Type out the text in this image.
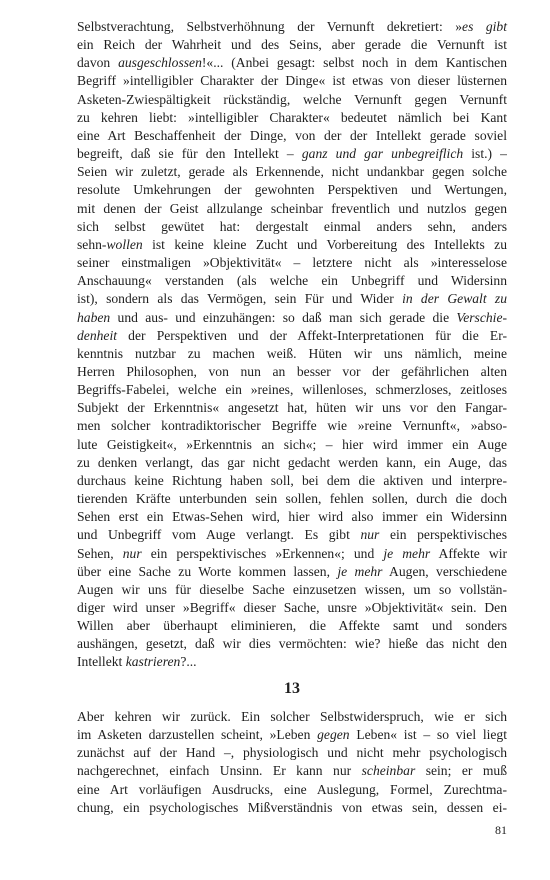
Selbstverachtung, Selbstverhöhnung der Vernunft dekretiert: »es gibt
ein Reich der Wahrheit und des Seins, aber gerade die Vernunft ist
davon ausgeschlossen!«... (Anbei gesagt: selbst noch in dem Kantischen
Begriff »intelligibler Charakter der Dinge« ist etwas von dieser lüsternen
Asketen-Zwiespältigkeit rückständig, welche Vernunft gegen Vernunft
zu kehren liebt: »intelligibler Charakter« bedeutet nämlich bei Kant
eine Art Beschaffenheit der Dinge, von der der Intellekt gerade soviel
begreift, daß sie für den Intellekt – ganz und gar unbegreiflich ist.) –
Seien wir zuletzt, gerade als Erkennende, nicht undankbar gegen solche
resolute Umkehrungen der gewohnten Perspektiven und Wertungen,
mit denen der Geist allzulange scheinbar freventlich und nutzlos gegen
sich selbst gewütet hat: dergestalt einmal anders sehn, anders
sehn-wollen ist keine kleine Zucht und Vorbereitung des Intellekts zu
seiner einstmaligen »Objektivität« – letztere nicht als »interesselose
Anschauung« verstanden (als welche ein Unbegriff und Widersinn
ist), sondern als das Vermögen, sein Für und Wider in der Gewalt zu
haben und aus- und einzuhängen: so daß man sich gerade die Verschie-
denheit der Perspektiven und der Affekt-Interpretationen für die Er-
kenntnis nutzbar zu machen weiß. Hüten wir uns nämlich, meine
Herren Philosophen, von nun an besser vor der gefährlichen alten
Begriffs-Fabelei, welche ein »reines, willenloses, schmerzloses, zeitloses
Subjekt der Erkenntnis« angesetzt hat, hüten wir uns vor den Fangar-
men solcher kontradiktorischer Begriffe wie »reine Vernunft«, »abso-
lute Geistigkeit«, »Erkenntnis an sich«; – hier wird immer ein Auge
zu denken verlangt, das gar nicht gedacht werden kann, ein Auge, das
durchaus keine Richtung haben soll, bei dem die aktiven und interpre-
tierenden Kräfte unterbunden sein sollen, fehlen sollen, durch die doch
Sehen erst ein Etwas-Sehen wird, hier wird also immer ein Widersinn
und Unbegriff vom Auge verlangt. Es gibt nur ein perspektivisches
Sehen, nur ein perspektivisches »Erkennen«; und je mehr Affekte wir
über eine Sache zu Worte kommen lassen, je mehr Augen, verschiedene
Augen wir uns für dieselbe Sache einzusetzen wissen, um so vollstän-
diger wird unser »Begriff« dieser Sache, unsre »Objektivität« sein. Den
Willen aber überhaupt eliminieren, die Affekte samt und sonders
aushängen, gesetzt, daß wir dies vermöchten: wie? hieße das nicht den
Intellekt kastrieren?...
13
Aber kehren wir zurück. Ein solcher Selbstwiderspruch, wie er sich
im Asketen darzustellen scheint, »Leben gegen Leben« ist – so viel liegt
zunächst auf der Hand –, physiologisch und nicht mehr psychologisch
nachgerechnet, einfach Unsinn. Er kann nur scheinbar sein; er muß
eine Art vorläufigen Ausdrucks, eine Auslegung, Formel, Zurechtma-
chung, ein psychologisches Mißverständnis von etwas sein, dessen ei-
81
